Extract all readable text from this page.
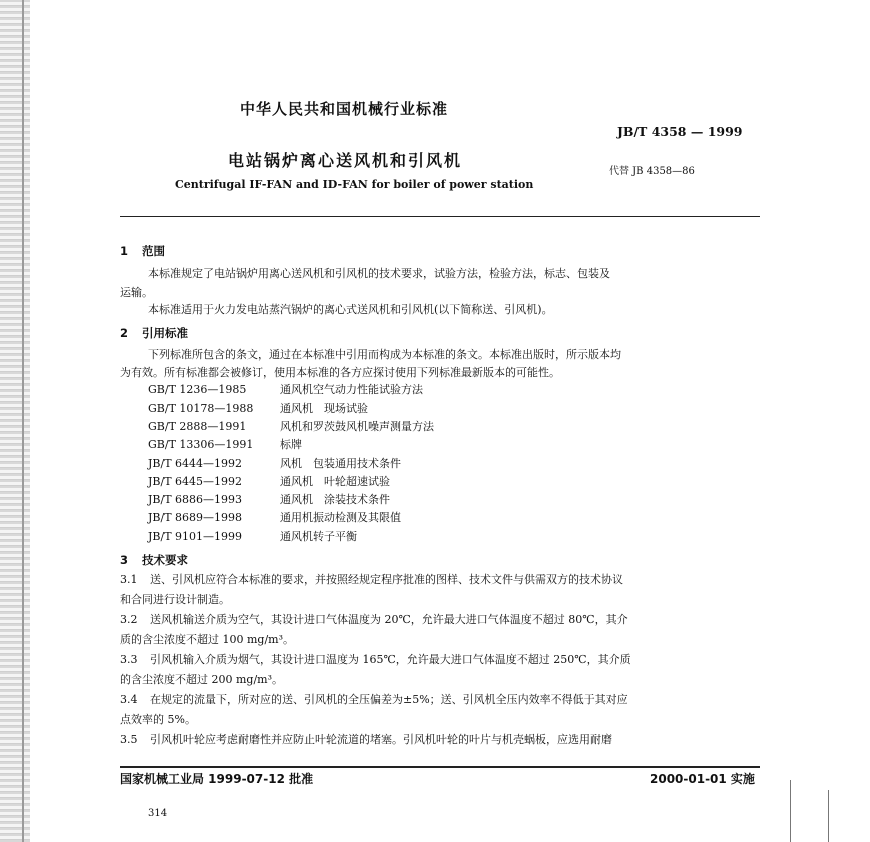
中华人民共和国机械行业标准
JB/T 4358 — 1999
电站锅炉离心送风机和引风机
代替 JB 4358—86
Centrifugal IF-FAN and ID-FAN for boiler of power station
1 范围
本标准规定了电站锅炉用离心送风机和引风机的技术要求，试验方法，检验方法，标志、包装及
运输。
本标准适用于火力发电站蒸汽锅炉的离心式送风机和引风机(以下简称送、引风机)。
2 引用标准
下列标准所包含的条文，通过在本标准中引用而构成为本标准的条文。本标准出版时，所示版本均
为有效。所有标准都会被修订，使用本标准的各方应探讨使用下列标准最新版本的可能性。
GB/T 1236—1985	通风机空气动力性能试验方法
GB/T 10178—1988 通风机　现场试验
GB/T 2888—1991	风机和罗茨鼓风机噪声测量方法
GB/T 13306—1991 标牌
JB/T 6444—1992	风机　包装通用技术条件
JB/T 6445—1992	通风机　叶轮超速试验
JB/T 6886—1993	通风机　涂装技术条件
JB/T 8689—1998	通用机振动检测及其限值
JB/T 9101—1999	通风机转子平衡
3 技术要求
3.1 送、引风机应符合本标准的要求，并按照经规定程序批准的图样、技术文件与供需双方的技术协议
和合同进行设计制造。
3.2 送风机输送介质为空气，其设计进口气体温度为 20℃，允许最大进口气体温度不超过 80℃，其介
质的含尘浓度不超过 100 mg/m³。
3.3 引风机输入介质为烟气，其设计进口温度为 165℃，允许最大进口气体温度不超过 250℃，其介质
的含尘浓度不超过 200 mg/m³。
3.4 在规定的流量下，所对应的送、引风机的全压偏差为±5%；送、引风机全压内效率不得低于其对应
点效率的 5%。
3.5 引风机叶轮应考虑耐磨性并应防止叶轮流道的堵塞。引风机叶轮的叶片与机壳蜗板，应选用耐磨
国家机械工业局 1999-07-12 批准	2000-01-01 实施
314
